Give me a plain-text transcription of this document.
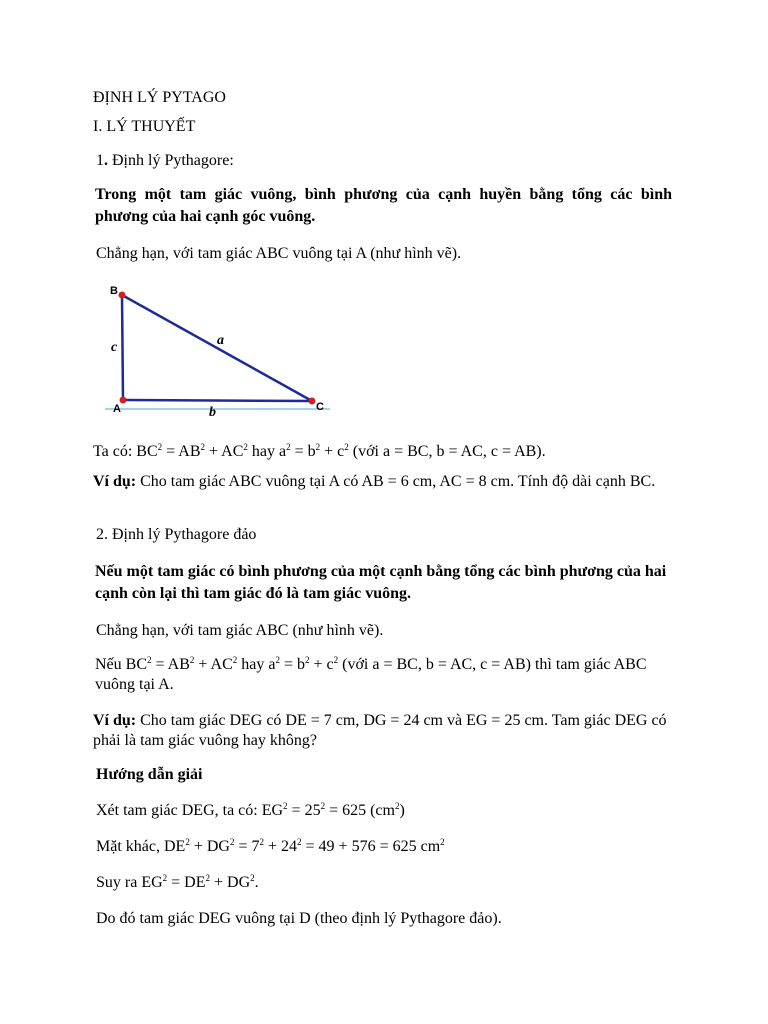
ĐỊNH LÝ PYTAGO
I. LÝ THUYẾT
1. Định lý Pythagore:
Trong một tam giác vuông, bình phương của cạnh huyền bằng tổng các bình phương của hai cạnh góc vuông.
Chẳng hạn, với tam giác ABC vuông tại A (như hình vẽ).
B
A	C
a
b
c
Ta có: $BC^2 = AB^2 + AC^2$ hay $a^2 = b^2 + c^2$ (với a = BC, b = AC, c = AB).
Ví dụ: Cho tam giác ABC vuông tại A có AB = 6 cm, AC = 8 cm. Tính độ dài cạnh BC.
2. Định lý Pythagore đảo
Nếu một tam giác có bình phương của một cạnh bằng tổng các bình phương của hai cạnh còn lại thì tam giác đó là tam giác vuông.
Chẳng hạn, với tam giác ABC (như hình vẽ).
Nếu $BC^2 = AB^2 + AC^2$ hay $a^2 = b^2 + c^2$ (với a = BC, b = AC, c = AB) thì tam giác ABC vuông tại A.
Ví dụ: Cho tam giác DEG có DE = 7 cm, DG = 24 cm và EG = 25 cm. Tam giác DEG có phải là tam giác vuông hay không?
Hướng dẫn giải
Xét tam giác DEG, ta có: $EG^2 = 25^2 = 625$ $(cm^2)$
Mặt khác, $DE^2 + DG^2 = 7^2 + 24^2 = 49 + 576 = 625$ $cm^2$
Suy ra $EG^2 = DE^2 + DG^2$.
Do đó tam giác DEG vuông tại D (theo định lý Pythagore đảo).
